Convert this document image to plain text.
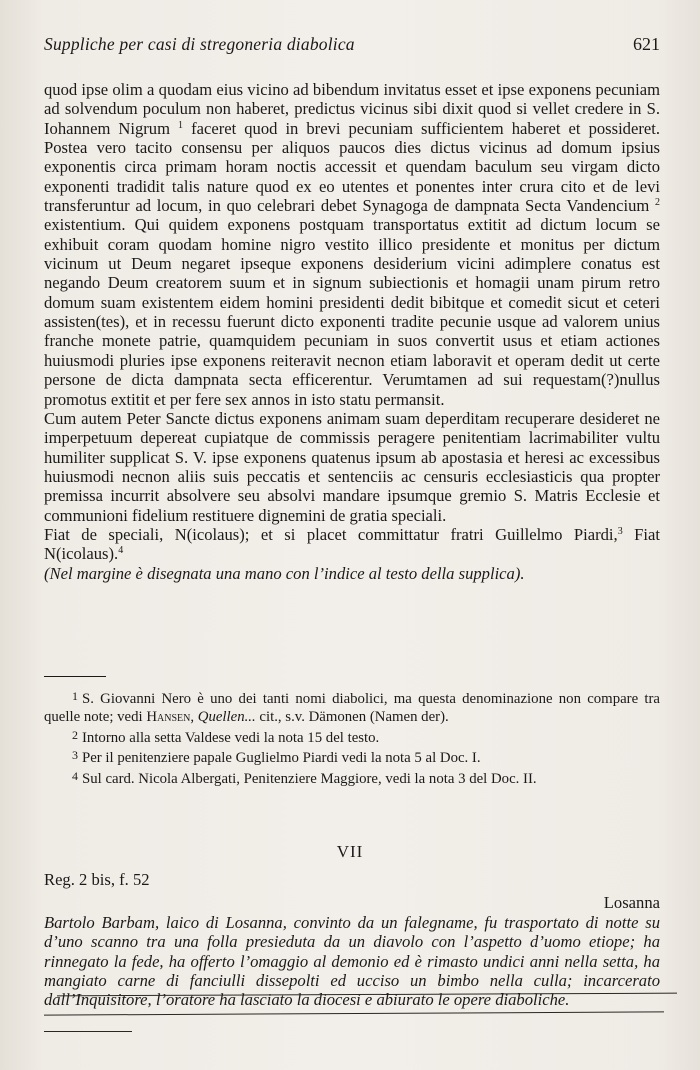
Suppliche per casi di stregoneria diabolica	621

quod ipse olim a quodam eius vicino ad bibendum invitatus esset et ipse exponens pecuniam ad solvendum poculum non haberet, predictus vicinus sibi dixit quod si vellet credere in S. Iohannem Nigrum $^1$ faceret quod in brevi pecuniam sufficientem haberet et possideret. Postea vero tacito consensu per aliquos paucos dies dictus vicinus ad domum ipsius exponentis circa primam horam noctis accessit et quendam baculum seu virgam dicto exponenti tradidit talis nature quod ex eo utentes et ponentes inter crura cito et de levi transferuntur ad locum, in quo celebrari debet Synagoga de dampnata Secta Vandencium $^2$ existentium. Qui quidem exponens postquam transportatus extitit ad dictum locum se exhibuit coram quodam homine nigro vestito illico presidente et monitus per dictum vicinum ut Deum negaret ipseque exponens desiderium vicini adimplere conatus est negando Deum creatorem suum et in signum subiectionis et homagii unam pirum retro domum suam existentem eidem homini presidenti dedit bibitque et comedit sicut et ceteri assisten(tes), et in recessu fuerunt dicto exponenti tradite pecunie usque ad valorem unius franche monete patrie, quamquidem pecuniam in suos convertit usus et etiam actiones huiusmodi pluries ipse exponens reiteravit necnon etiam laboravit et operam dedit ut certe persone de dicta dampnata secta efficerentur. Verumtamen ad sui requestam(?)nullus promotus extitit et per fere sex annos in isto statu permansit.

Cum autem Peter Sancte dictus exponens animam suam deperditam recuperare desideret ne imperpetuum depereat cupiatque de commissis peragere penitentiam lacrimabiliter vultu humiliter supplicat S. V. ipse exponens quatenus ipsum ab apostasia et heresi ac excessibus huiusmodi necnon aliis suis peccatis et sentenciis ac censuris ecclesiasticis qua propter premissa incurrit absolvere seu absolvi mandare ipsumque gremio S. Matris Ecclesie et communioni fidelium restituere dignemini de gratia speciali.

Fiat de speciali, N(icolaus); et si placet committatur fratri Guillelmo Piardi,$^3$ Fiat N(icolaus).$^4$

(Nel margine è disegnata una mano con l’indice al testo della supplica).

$^1$ S. Giovanni Nero è uno dei tanti nomi diabolici, ma questa denominazione non compare tra quelle note; vedi Hansen, Quellen... cit., s.v. Dämonen (Namen der).

$^2$ Intorno alla setta Valdese vedi la nota 15 del testo.

$^3$ Per il penitenziere papale Guglielmo Piardi vedi la nota 5 al Doc. I.

$^4$ Sul card. Nicola Albergati, Penitenziere Maggiore, vedi la nota 3 del Doc. II.

VII
Reg. 2 bis, f. 52
Losanna

Bartolo Barbam, laico di Losanna, convinto da un falegname, fu trasportato di notte su d’uno scanno tra una folla presieduta da un diavolo con l’aspetto d’uomo etiope; ha rinnegato la fede, ha offerto l’omaggio al demonio ed è rimasto undici anni nella setta, ha mangiato carne di fanciulli dissepolti ed ucciso un bimbo nella culla; incarcerato dall’Inquisitore, l’oratore ha lasciato la diocesi e abiurato le opere diaboliche.
